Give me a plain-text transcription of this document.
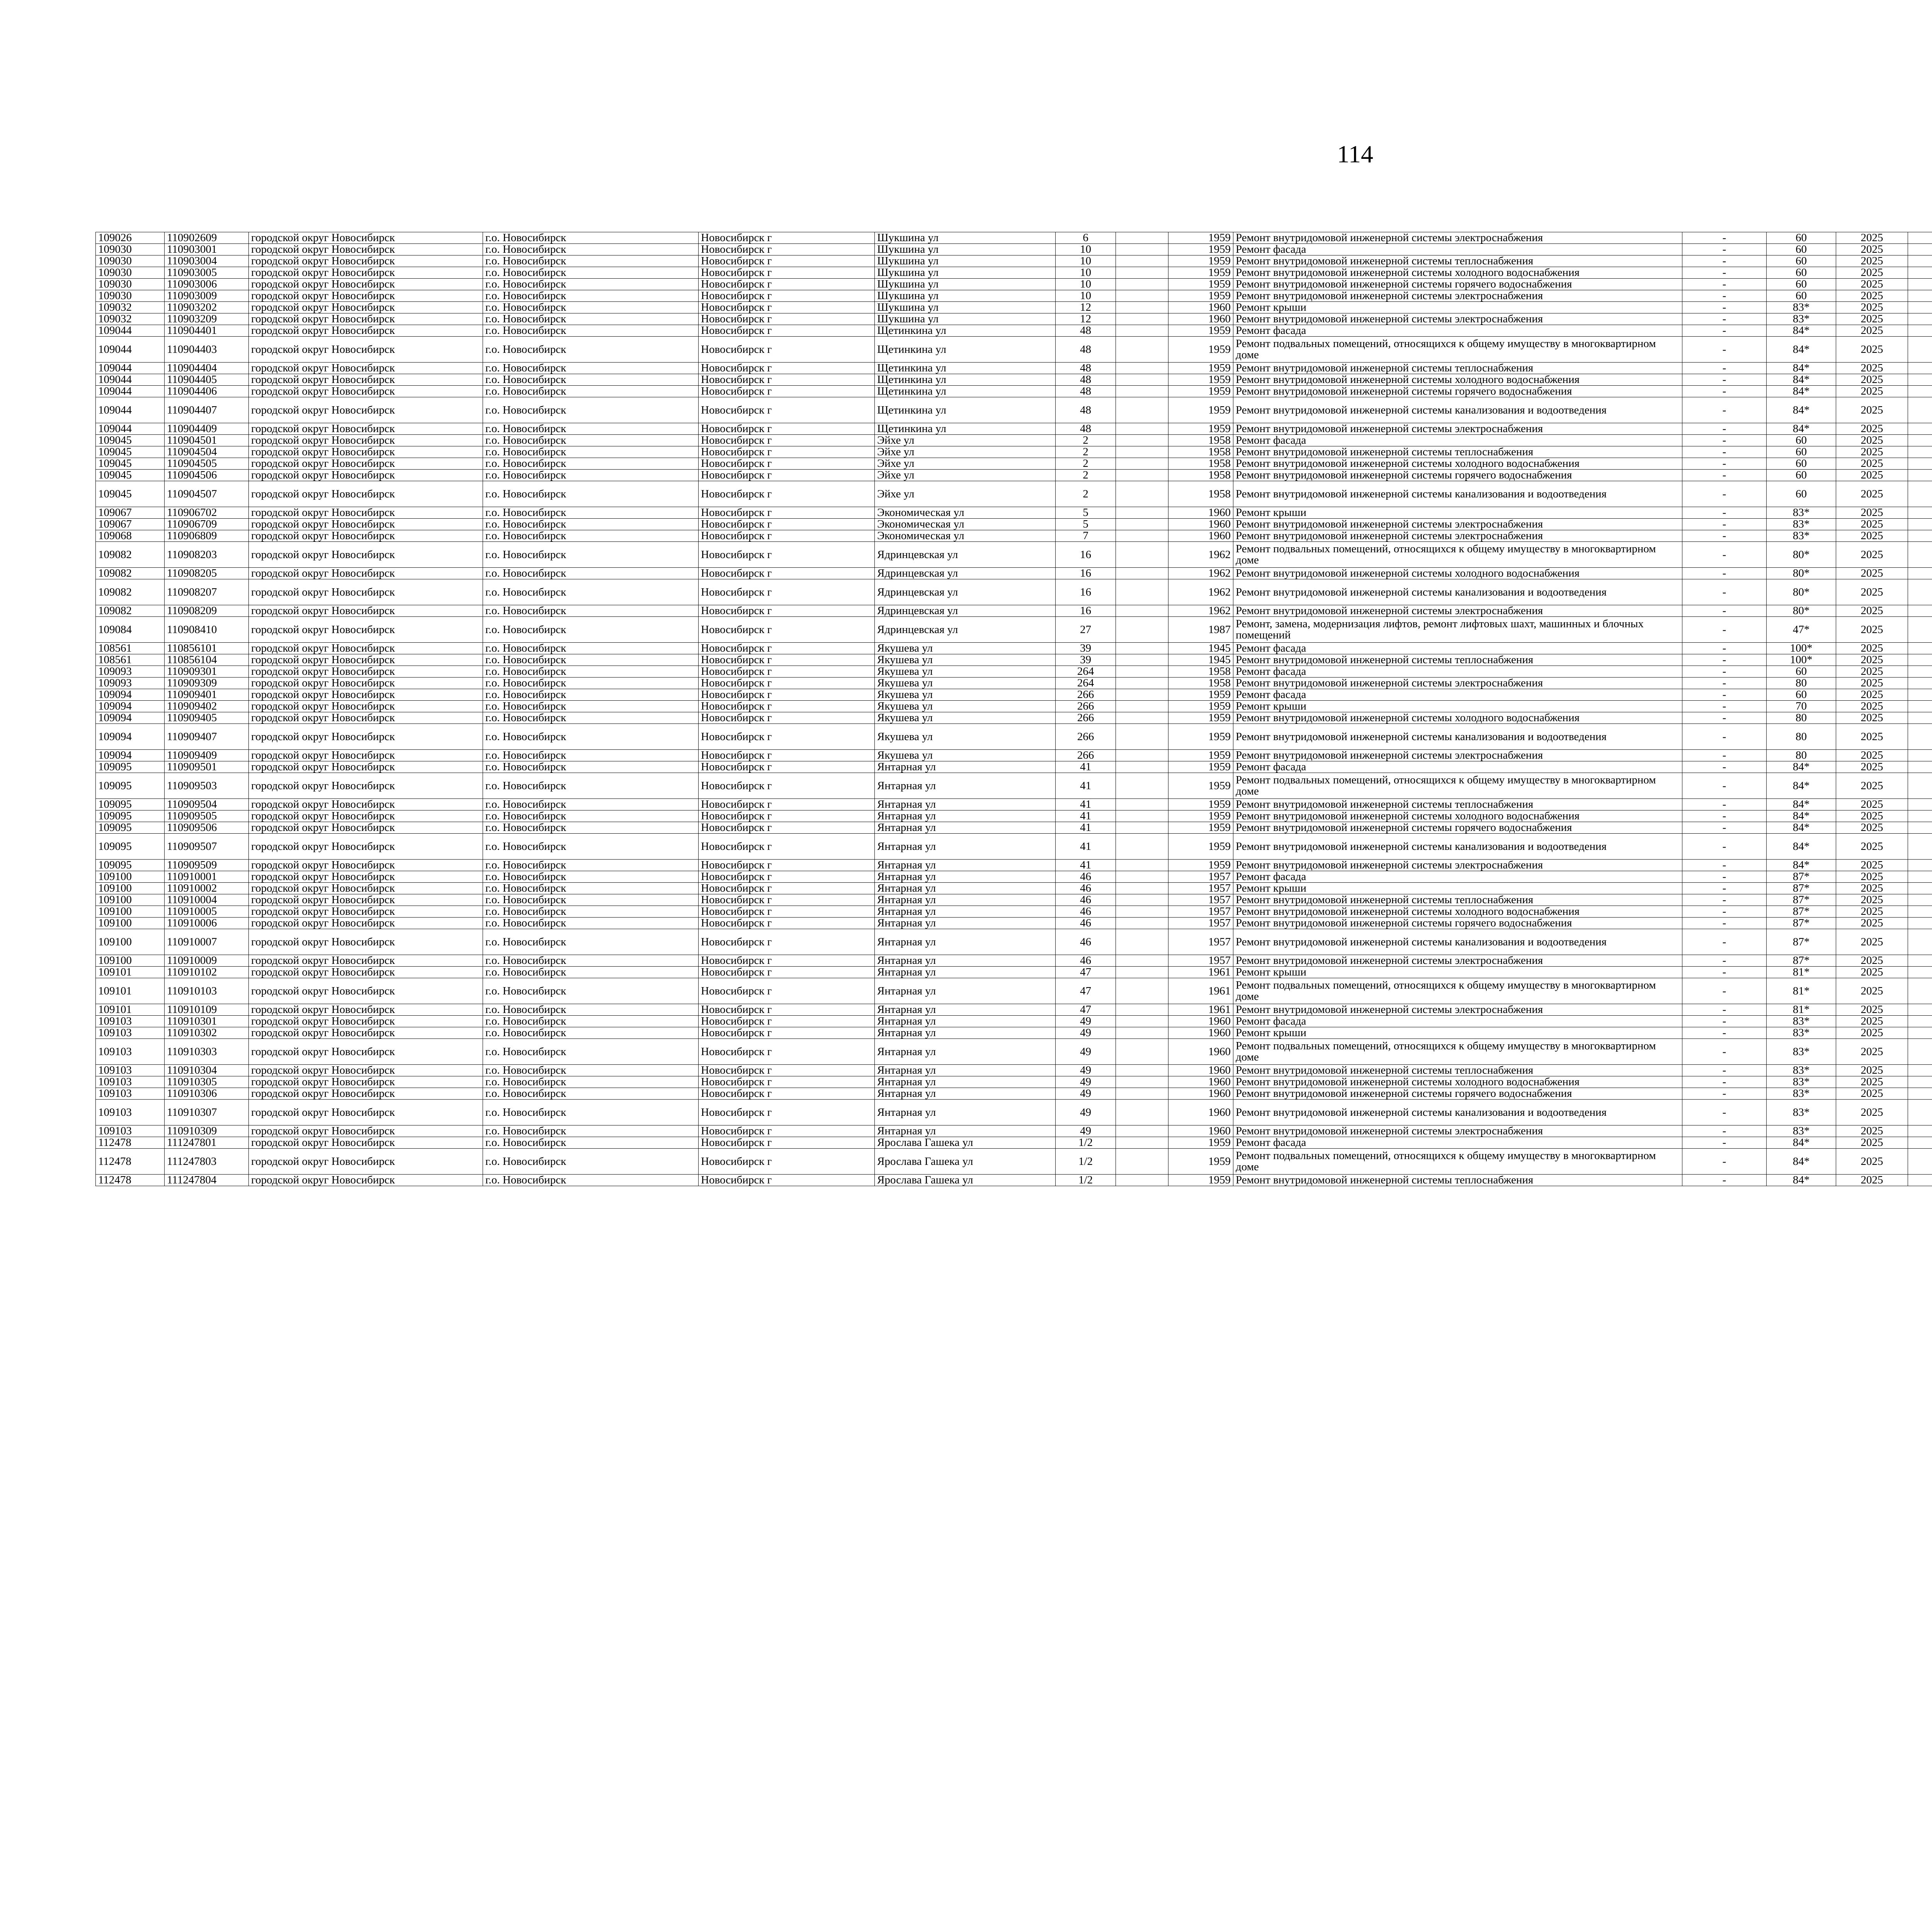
114
109026	110902609	городской округ Новосибирск	г.о. Новосибирск	Новосибирск г	Шукшина ул	6		1959	Ремонт внутридомовой инженерной системы электроснабжения	-	60	2025						
109030	110903001	городской округ Новосибирск	г.о. Новосибирск	Новосибирск г	Шукшина ул	10		1959	Ремонт фасада	-	60	2025						
109030	110903004	городской округ Новосибирск	г.о. Новосибирск	Новосибирск г	Шукшина ул	10		1959	Ремонт внутридомовой инженерной системы теплоснабжения	-	60	2025						
109030	110903005	городской округ Новосибирск	г.о. Новосибирск	Новосибирск г	Шукшина ул	10		1959	Ремонт внутридомовой инженерной системы холодного водоснабжения	-	60	2025						
109030	110903006	городской округ Новосибирск	г.о. Новосибирск	Новосибирск г	Шукшина ул	10		1959	Ремонт внутридомовой инженерной системы горячего водоснабжения	-	60	2025						
109030	110903009	городской округ Новосибирск	г.о. Новосибирск	Новосибирск г	Шукшина ул	10		1959	Ремонт внутридомовой инженерной системы электроснабжения	-	60	2025						
109032	110903202	городской округ Новосибирск	г.о. Новосибирск	Новосибирск г	Шукшина ул	12		1960	Ремонт крыши	-	83*	2025						
109032	110903209	городской округ Новосибирск	г.о. Новосибирск	Новосибирск г	Шукшина ул	12		1960	Ремонт внутридомовой инженерной системы электроснабжения	-	83*	2025						
109044	110904401	городской округ Новосибирск	г.о. Новосибирск	Новосибирск г	Щетинкина ул	48		1959	Ремонт фасада	-	84*	2025						
109044	110904403	городской округ Новосибирск	г.о. Новосибирск	Новосибирск г	Щетинкина ул	48		1959	Ремонт подвальных помещений, относящихся к общему имуществу в многоквартирном доме	-	84*	2025						
109044	110904404	городской округ Новосибирск	г.о. Новосибирск	Новосибирск г	Щетинкина ул	48		1959	Ремонт внутридомовой инженерной системы теплоснабжения	-	84*	2025						
109044	110904405	городской округ Новосибирск	г.о. Новосибирск	Новосибирск г	Щетинкина ул	48		1959	Ремонт внутридомовой инженерной системы холодного водоснабжения	-	84*	2025						
109044	110904406	городской округ Новосибирск	г.о. Новосибирск	Новосибирск г	Щетинкина ул	48		1959	Ремонт внутридомовой инженерной системы горячего водоснабжения	-	84*	2025						
109044	110904407	городской округ Новосибирск	г.о. Новосибирск	Новосибирск г	Щетинкина ул	48		1959	Ремонт внутридомовой инженерной системы канализования и водоотведения	-	84*	2025						
109044	110904409	городской округ Новосибирск	г.о. Новосибирск	Новосибирск г	Щетинкина ул	48		1959	Ремонт внутридомовой инженерной системы электроснабжения	-	84*	2025						
109045	110904501	городской округ Новосибирск	г.о. Новосибирск	Новосибирск г	Эйхе ул	2		1958	Ремонт фасада	-	60	2025						
109045	110904504	городской округ Новосибирск	г.о. Новосибирск	Новосибирск г	Эйхе ул	2		1958	Ремонт внутридомовой инженерной системы теплоснабжения	-	60	2025						
109045	110904505	городской округ Новосибирск	г.о. Новосибирск	Новосибирск г	Эйхе ул	2		1958	Ремонт внутридомовой инженерной системы холодного водоснабжения	-	60	2025						
109045	110904506	городской округ Новосибирск	г.о. Новосибирск	Новосибирск г	Эйхе ул	2		1958	Ремонт внутридомовой инженерной системы горячего водоснабжения	-	60	2025						
109045	110904507	городской округ Новосибирск	г.о. Новосибирск	Новосибирск г	Эйхе ул	2		1958	Ремонт внутридомовой инженерной системы канализования и водоотведения	-	60	2025						
109067	110906702	городской округ Новосибирск	г.о. Новосибирск	Новосибирск г	Экономическая ул	5		1960	Ремонт крыши	-	83*	2025						
109067	110906709	городской округ Новосибирск	г.о. Новосибирск	Новосибирск г	Экономическая ул	5		1960	Ремонт внутридомовой инженерной системы электроснабжения	-	83*	2025						
109068	110906809	городской округ Новосибирск	г.о. Новосибирск	Новосибирск г	Экономическая ул	7		1960	Ремонт внутридомовой инженерной системы электроснабжения	-	83*	2025						
109082	110908203	городской округ Новосибирск	г.о. Новосибирск	Новосибирск г	Ядринцевская ул	16		1962	Ремонт подвальных помещений, относящихся к общему имуществу в многоквартирном доме	-	80*	2025						
109082	110908205	городской округ Новосибирск	г.о. Новосибирск	Новосибирск г	Ядринцевская ул	16		1962	Ремонт внутридомовой инженерной системы холодного водоснабжения	-	80*	2025						
109082	110908207	городской округ Новосибирск	г.о. Новосибирск	Новосибирск г	Ядринцевская ул	16		1962	Ремонт внутридомовой инженерной системы канализования и водоотведения	-	80*	2025						
109082	110908209	городской округ Новосибирск	г.о. Новосибирск	Новосибирск г	Ядринцевская ул	16		1962	Ремонт внутридомовой инженерной системы электроснабжения	-	80*	2025						
109084	110908410	городской округ Новосибирск	г.о. Новосибирск	Новосибирск г	Ядринцевская ул	27		1987	Ремонт, замена, модернизация лифтов, ремонт лифтовых шахт, машинных и блочных помещений	-	47*	2025						
108561	110856101	городской округ Новосибирск	г.о. Новосибирск	Новосибирск г	Якушева ул	39		1945	Ремонт фасада	-	100*	2025						
108561	110856104	городской округ Новосибирск	г.о. Новосибирск	Новосибирск г	Якушева ул	39		1945	Ремонт внутридомовой инженерной системы теплоснабжения	-	100*	2025						
109093	110909301	городской округ Новосибирск	г.о. Новосибирск	Новосибирск г	Якушева ул	264		1958	Ремонт фасада	-	60	2025						
109093	110909309	городской округ Новосибирск	г.о. Новосибирск	Новосибирск г	Якушева ул	264		1958	Ремонт внутридомовой инженерной системы электроснабжения	-	80	2025						
109094	110909401	городской округ Новосибирск	г.о. Новосибирск	Новосибирск г	Якушева ул	266		1959	Ремонт фасада	-	60	2025						
109094	110909402	городской округ Новосибирск	г.о. Новосибирск	Новосибирск г	Якушева ул	266		1959	Ремонт крыши	-	70	2025						
109094	110909405	городской округ Новосибирск	г.о. Новосибирск	Новосибирск г	Якушева ул	266		1959	Ремонт внутридомовой инженерной системы холодного водоснабжения	-	80	2025						
109094	110909407	городской округ Новосибирск	г.о. Новосибирск	Новосибирск г	Якушева ул	266		1959	Ремонт внутридомовой инженерной системы канализования и водоотведения	-	80	2025						
109094	110909409	городской округ Новосибирск	г.о. Новосибирск	Новосибирск г	Якушева ул	266		1959	Ремонт внутридомовой инженерной системы электроснабжения	-	80	2025						
109095	110909501	городской округ Новосибирск	г.о. Новосибирск	Новосибирск г	Янтарная ул	41		1959	Ремонт фасада	-	84*	2025						
109095	110909503	городской округ Новосибирск	г.о. Новосибирск	Новосибирск г	Янтарная ул	41		1959	Ремонт подвальных помещений, относящихся к общему имуществу в многоквартирном доме	-	84*	2025						
109095	110909504	городской округ Новосибирск	г.о. Новосибирск	Новосибирск г	Янтарная ул	41		1959	Ремонт внутридомовой инженерной системы теплоснабжения	-	84*	2025						
109095	110909505	городской округ Новосибирск	г.о. Новосибирск	Новосибирск г	Янтарная ул	41		1959	Ремонт внутридомовой инженерной системы холодного водоснабжения	-	84*	2025						
109095	110909506	городской округ Новосибирск	г.о. Новосибирск	Новосибирск г	Янтарная ул	41		1959	Ремонт внутридомовой инженерной системы горячего водоснабжения	-	84*	2025						
109095	110909507	городской округ Новосибирск	г.о. Новосибирск	Новосибирск г	Янтарная ул	41		1959	Ремонт внутридомовой инженерной системы канализования и водоотведения	-	84*	2025						
109095	110909509	городской округ Новосибирск	г.о. Новосибирск	Новосибирск г	Янтарная ул	41		1959	Ремонт внутридомовой инженерной системы электроснабжения	-	84*	2025						
109100	110910001	городской округ Новосибирск	г.о. Новосибирск	Новосибирск г	Янтарная ул	46		1957	Ремонт фасада	-	87*	2025						
109100	110910002	городской округ Новосибирск	г.о. Новосибирск	Новосибирск г	Янтарная ул	46		1957	Ремонт крыши	-	87*	2025						
109100	110910004	городской округ Новосибирск	г.о. Новосибирск	Новосибирск г	Янтарная ул	46		1957	Ремонт внутридомовой инженерной системы теплоснабжения	-	87*	2025						
109100	110910005	городской округ Новосибирск	г.о. Новосибирск	Новосибирск г	Янтарная ул	46		1957	Ремонт внутридомовой инженерной системы холодного водоснабжения	-	87*	2025						
109100	110910006	городской округ Новосибирск	г.о. Новосибирск	Новосибирск г	Янтарная ул	46		1957	Ремонт внутридомовой инженерной системы горячего водоснабжения	-	87*	2025						
109100	110910007	городской округ Новосибирск	г.о. Новосибирск	Новосибирск г	Янтарная ул	46		1957	Ремонт внутридомовой инженерной системы канализования и водоотведения	-	87*	2025						
109100	110910009	городской округ Новосибирск	г.о. Новосибирск	Новосибирск г	Янтарная ул	46		1957	Ремонт внутридомовой инженерной системы электроснабжения	-	87*	2025						
109101	110910102	городской округ Новосибирск	г.о. Новосибирск	Новосибирск г	Янтарная ул	47		1961	Ремонт крыши	-	81*	2025						
109101	110910103	городской округ Новосибирск	г.о. Новосибирск	Новосибирск г	Янтарная ул	47		1961	Ремонт подвальных помещений, относящихся к общему имуществу в многоквартирном доме	-	81*	2025						
109101	110910109	городской округ Новосибирск	г.о. Новосибирск	Новосибирск г	Янтарная ул	47		1961	Ремонт внутридомовой инженерной системы электроснабжения	-	81*	2025						
109103	110910301	городской округ Новосибирск	г.о. Новосибирск	Новосибирск г	Янтарная ул	49		1960	Ремонт фасада	-	83*	2025						
109103	110910302	городской округ Новосибирск	г.о. Новосибирск	Новосибирск г	Янтарная ул	49		1960	Ремонт крыши	-	83*	2025						
109103	110910303	городской округ Новосибирск	г.о. Новосибирск	Новосибирск г	Янтарная ул	49		1960	Ремонт подвальных помещений, относящихся к общему имуществу в многоквартирном доме	-	83*	2025						
109103	110910304	городской округ Новосибирск	г.о. Новосибирск	Новосибирск г	Янтарная ул	49		1960	Ремонт внутридомовой инженерной системы теплоснабжения	-	83*	2025						
109103	110910305	городской округ Новосибирск	г.о. Новосибирск	Новосибирск г	Янтарная ул	49		1960	Ремонт внутридомовой инженерной системы холодного водоснабжения	-	83*	2025						
109103	110910306	городской округ Новосибирск	г.о. Новосибирск	Новосибирск г	Янтарная ул	49		1960	Ремонт внутридомовой инженерной системы горячего водоснабжения	-	83*	2025						
109103	110910307	городской округ Новосибирск	г.о. Новосибирск	Новосибирск г	Янтарная ул	49		1960	Ремонт внутридомовой инженерной системы канализования и водоотведения	-	83*	2025						
109103	110910309	городской округ Новосибирск	г.о. Новосибирск	Новосибирск г	Янтарная ул	49		1960	Ремонт внутридомовой инженерной системы электроснабжения	-	83*	2025						
112478	111247801	городской округ Новосибирск	г.о. Новосибирск	Новосибирск г	Ярослава Гашека ул	1/2		1959	Ремонт фасада	-	84*	2025						
112478	111247803	городской округ Новосибирск	г.о. Новосибирск	Новосибирск г	Ярослава Гашека ул	1/2		1959	Ремонт подвальных помещений, относящихся к общему имуществу в многоквартирном доме	-	84*	2025						
112478	111247804	городской округ Новосибирск	г.о. Новосибирск	Новосибирск г	Ярослава Гашека ул	1/2		1959	Ремонт внутридомовой инженерной системы теплоснабжения	-	84*	2025						
